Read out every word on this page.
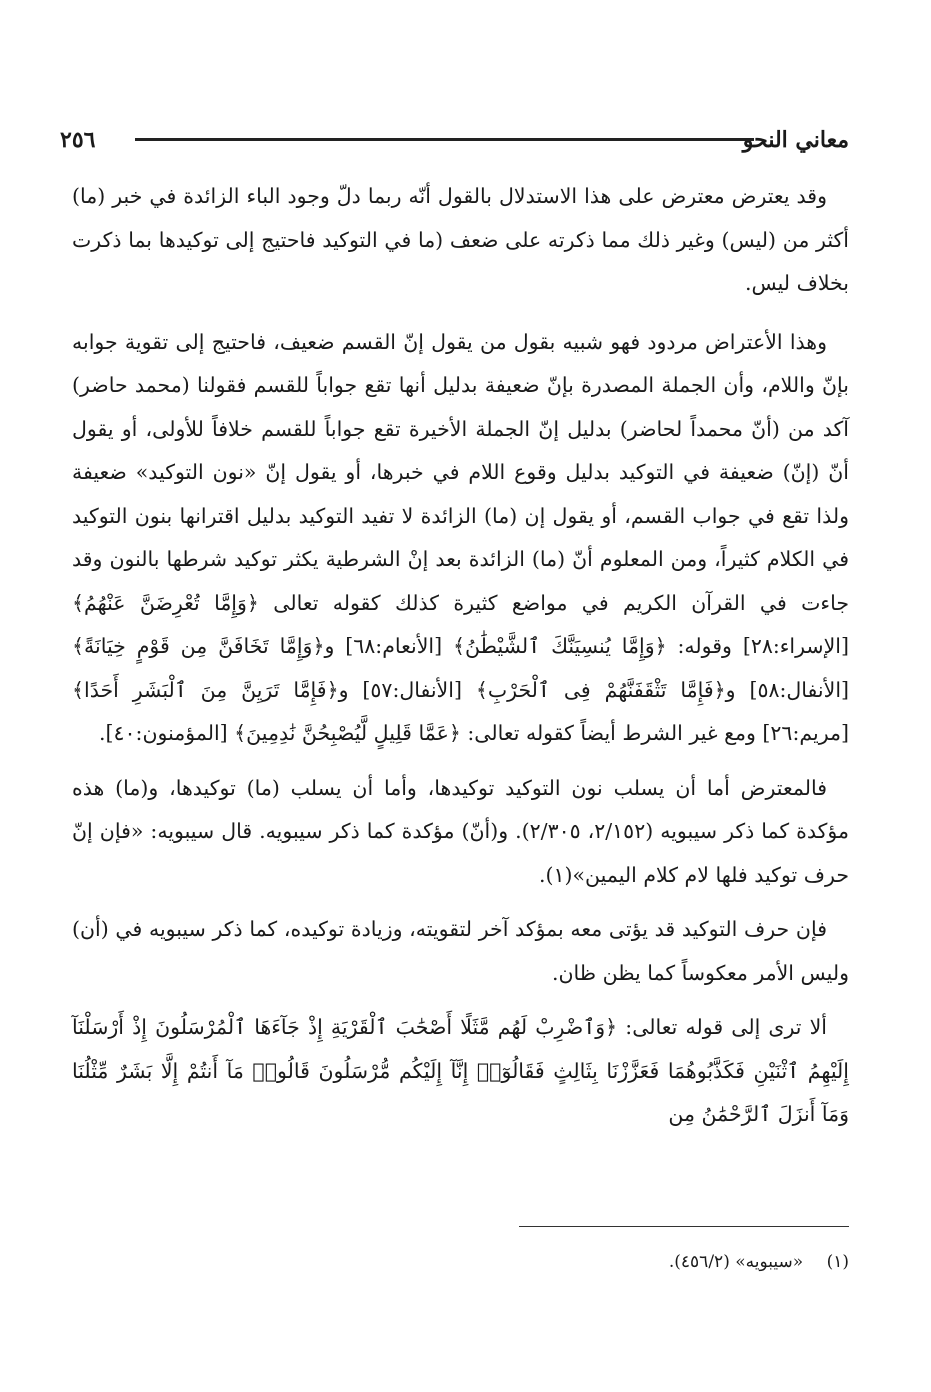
معاني النحو
٢٥٦

وقد يعترض معترض على هذا الاستدلال بالقول أنّه ربما دلّ وجود الباء الزائدة في خبر (ما) أكثر من (ليس) وغير ذلك مما ذكرته على ضعف (ما في التوكيد فاحتيج إلى توكيدها بما ذكرت بخلاف ليس.

وهذا الأعتراض مردود فهو شبيه بقول من يقول إنّ القسم ضعيف، فاحتيج إلى تقوية جوابه بإنّ واللام، وأن الجملة المصدرة بإنّ ضعيفة بدليل أنها تقع جواباً للقسم فقولنا (محمد حاضر) آكد من (أنّ محمداً لحاضر) بدليل إنّ الجملة الأخيرة تقع جواباً للقسم خلافاً للأولى، أو يقول أنّ (إنّ) ضعيفة في التوكيد بدليل وقوع اللام في خبرها، أو يقول إنّ «نون التوكيد» ضعيفة ولذا تقع في جواب القسم، أو يقول إن (ما) الزائدة لا تفيد التوكيد بدليل اقترانها بنون التوكيد في الكلام كثيراً، ومن المعلوم أنّ (ما) الزائدة بعد إنْ الشرطية يكثر توكيد شرطها بالنون وقد جاءت في القرآن الكريم في مواضع كثيرة كذلك كقوله تعالى ﴿وَإِمَّا تُعْرِضَنَّ عَنْهُمُ﴾ [الإسراء:٢٨] وقوله: ﴿وَإِمَّا يُنسِيَنَّكَ ٱلشَّيْطَٰنُ﴾ [الأنعام:٦٨] و﴿وَإِمَّا تَخَافَنَّ مِن قَوْمٍ خِيَانَةً﴾ [الأنفال:٥٨] و﴿فَإِمَّا تَثْقَفَنَّهُمْ فِى ٱلْحَرْبِ﴾ [الأنفال:٥٧] و﴿فَإِمَّا تَرَيِنَّ مِنَ ٱلْبَشَرِ أَحَدًا﴾ [مريم:٢٦] ومع غير الشرط أيضاً كقوله تعالى: ﴿عَمَّا قَلِيلٍ لَّيُصْبِحُنَّ نَٰدِمِينَ﴾ [المؤمنون:٤٠].

فالمعترض أما أن يسلب نون التوكيد توكيدها، وأما أن يسلب (ما) توكيدها، و(ما) هذه مؤكدة كما ذكر سيبويه (٢/١٥٢، ٢/٣٠٥). و(أنّ) مؤكدة كما ذكر سيبويه. قال سيبويه: «فإن إنّ حرف توكيد فلها لام كلام اليمين»(١).

فإن حرف التوكيد قد يؤتى معه بمؤكد آخر لتقويته، وزيادة توكيده، كما ذكر سيبويه في (أن) وليس الأمر معكوساً كما يظن ظان.

ألا ترى إلى قوله تعالى: ﴿وَٱضْرِبْ لَهُم مَّثَلًا أَصْحَٰبَ ٱلْقَرْيَةِ إِذْ جَآءَهَا ٱلْمُرْسَلُونَ إِذْ أَرْسَلْنَآ إِلَيْهِمُ ٱثْنَيْنِ فَكَذَّبُوهُمَا فَعَزَّزْنَا بِثَالِثٍ فَقَالُوٓا۟ إِنَّآ إِلَيْكُم مُّرْسَلُونَ قَالُوا۟ مَآ أَنتُمْ إِلَّا بَشَرٌ مِّثْلُنَا وَمَآ أَنزَلَ ٱلرَّحْمَٰنُ مِن

(١) «سيبويه» (٤٥٦/٢).
